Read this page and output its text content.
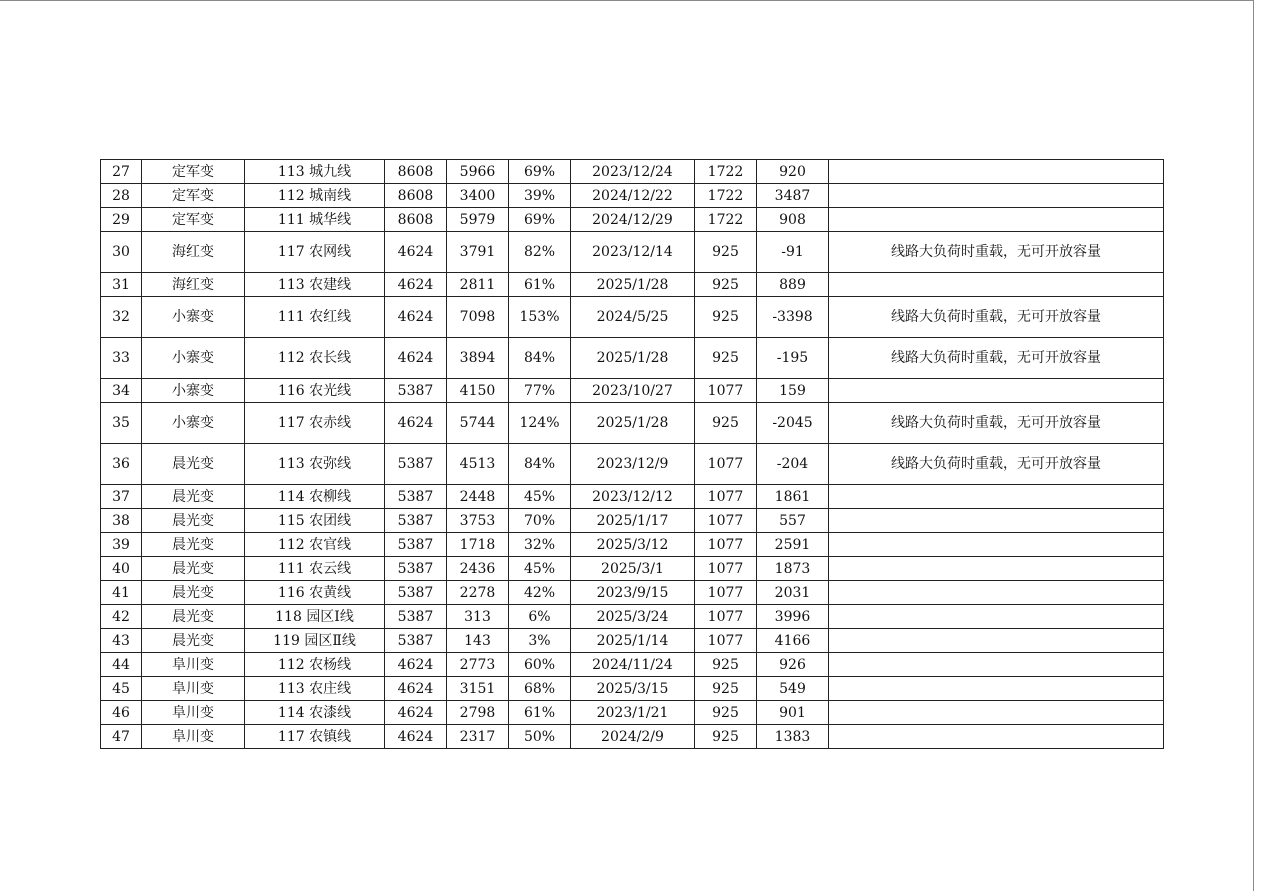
27	定军变	113 城九线	8608	5966	69%	2023/12/24	1722	920	
28	定军变	112 城南线	8608	3400	39%	2024/12/22	1722	3487	
29	定军变	111 城华线	8608	5979	69%	2024/12/29	1722	908	
30	海红变	117 农网线	4624	3791	82%	2023/12/14	925	-91	线路大负荷时重载，无可开放容量
31	海红变	113 农建线	4624	2811	61%	2025/1/28	925	889	
32	小寨变	111 农红线	4624	7098	153%	2024/5/25	925	-3398	线路大负荷时重载，无可开放容量
33	小寨变	112 农长线	4624	3894	84%	2025/1/28	925	-195	线路大负荷时重载，无可开放容量
34	小寨变	116 农光线	5387	4150	77%	2023/10/27	1077	159	
35	小寨变	117 农赤线	4624	5744	124%	2025/1/28	925	-2045	线路大负荷时重载，无可开放容量
36	晨光变	113 农弥线	5387	4513	84%	2023/12/9	1077	-204	线路大负荷时重载，无可开放容量
37	晨光变	114 农柳线	5387	2448	45%	2023/12/12	1077	1861	
38	晨光变	115 农团线	5387	3753	70%	2025/1/17	1077	557	
39	晨光变	112 农官线	5387	1718	32%	2025/3/12	1077	2591	
40	晨光变	111 农云线	5387	2436	45%	2025/3/1	1077	1873	
41	晨光变	116 农黄线	5387	2278	42%	2023/9/15	1077	2031	
42	晨光变	118 园区Ⅰ线	5387	313	6%	2025/3/24	1077	3996	
43	晨光变	119 园区Ⅱ线	5387	143	3%	2025/1/14	1077	4166	
44	阜川变	112 农杨线	4624	2773	60%	2024/11/24	925	926	
45	阜川变	113 农庄线	4624	3151	68%	2025/3/15	925	549	
46	阜川变	114 农漆线	4624	2798	61%	2023/1/21	925	901	
47	阜川变	117 农镇线	4624	2317	50%	2024/2/9	925	1383	
